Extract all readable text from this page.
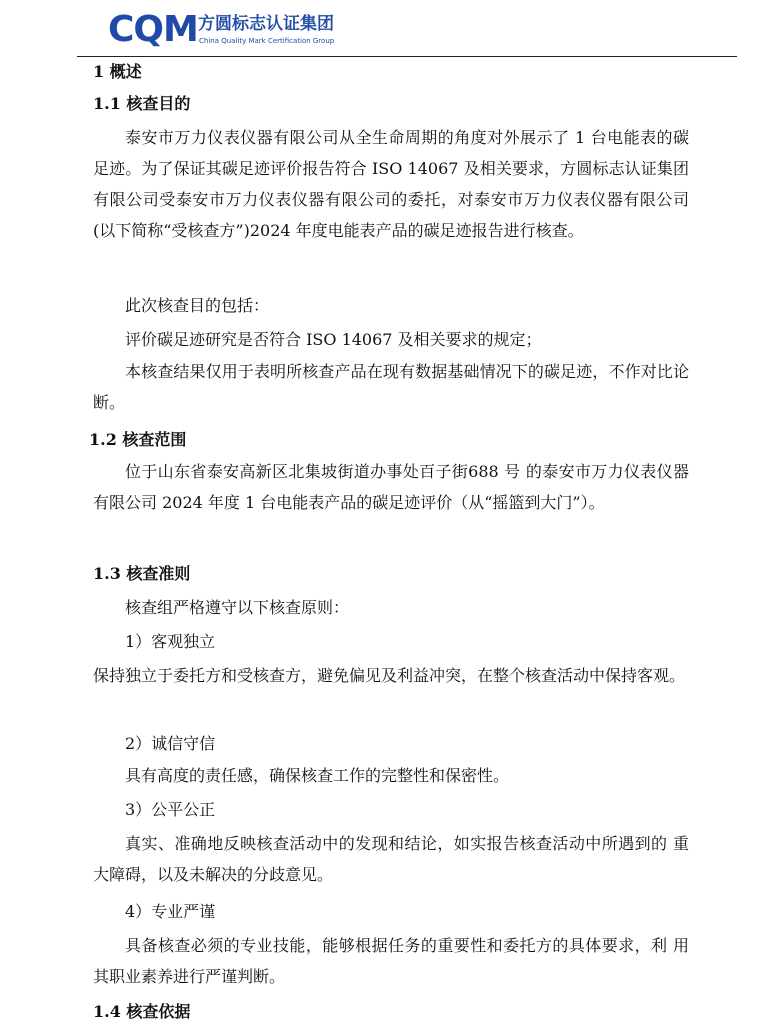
CQM 方圆标志认证集团
China Quality Mark Certification Group
1 概述
1.1 核查目的

泰安市万力仪表仪器有限公司从全生命周期的角度对外展示了 1 台电能表的碳足迹。为了保证其碳足迹评价报告符合 ISO 14067 及相关要求，方圆标志认证集团有限公司受泰安市万力仪表仪器有限公司的委托，对泰安市万力仪表仪器有限公司(以下简称“受核查方”)2024 年度电能表产品的碳足迹报告进行核查。

此次核查目的包括：

评价碳足迹研究是否符合 ISO 14067 及相关要求的规定；

本核查结果仅用于表明所核查产品在现有数据基础情况下的碳足迹，不作对比论断。

1.2 核查范围

位于山东省泰安高新区北集坡街道办事处百子街688 号 的泰安市万力仪表仪器有限公司 2024 年度 1 台电能表产品的碳足迹评价（从“摇篮到大门”）。

1.3 核查准则
核查组严格遵守以下核查原则：
1）客观独立

保持独立于委托方和受核查方，避免偏见及利益冲突，在整个核查活动中保持客观。

2）诚信守信
具有高度的责任感，确保核查工作的完整性和保密性。
3）公平公正

真实、准确地反映核查活动中的发现和结论，如实报告核查活动中所遇到的 重大障碍，以及未解决的分歧意见。

4）专业严谨

具备核查必须的专业技能，能够根据任务的重要性和委托方的具体要求，利 用其职业素养进行严谨判断。

1.4 核查依据
